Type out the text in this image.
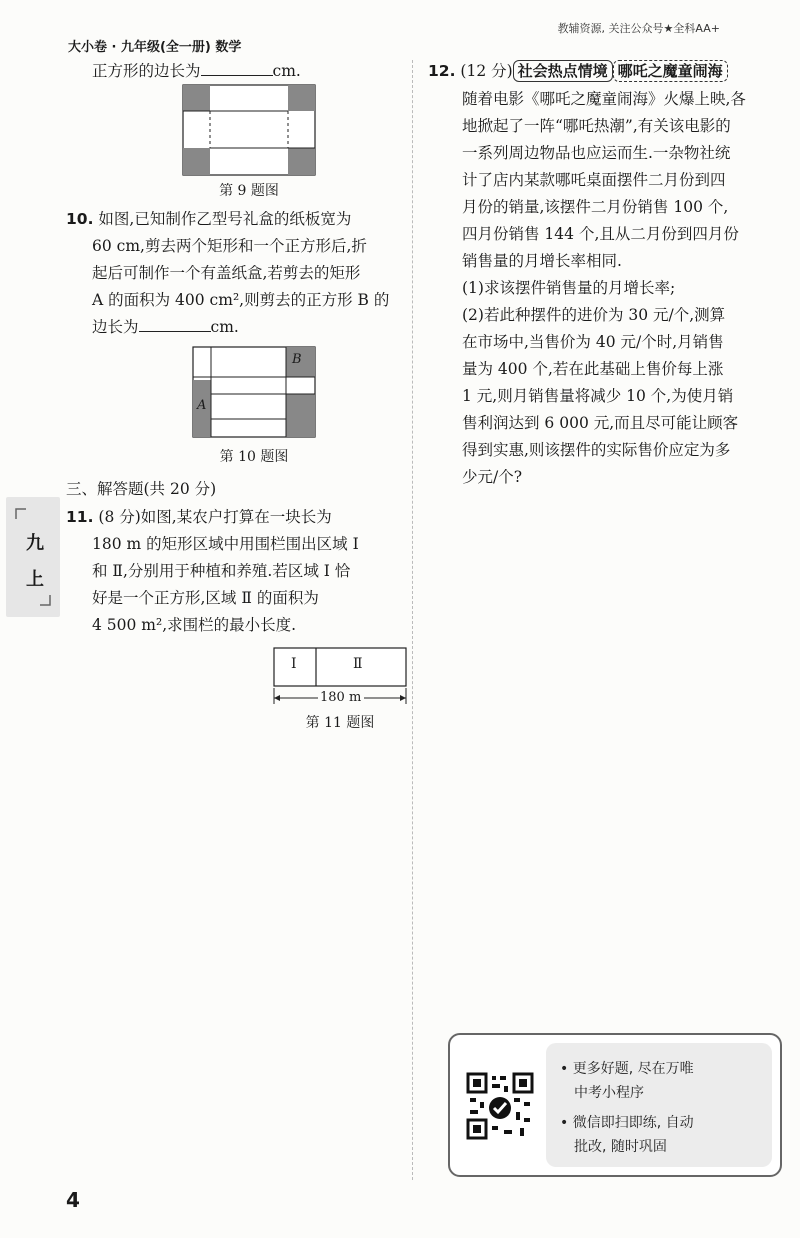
大小卷 · 九年级(全一册) 数学
教辅资源, 关注公众号★全科AA+
九
上
正方形的边长为	cm.
第 9 题图
10. 如图,已知制作乙型号礼盒的纸板宽为
60 cm,剪去两个矩形和一个正方形后,折
起后可制作一个有盖纸盒,若剪去的矩形
A 的面积为 400 cm²,则剪去的正方形 B 的
边长为	cm.
B
A
第 10 题图
三、解答题(共 20 分)
11. (8 分)如图,某农户打算在一块长为
180 m 的矩形区域中用围栏围出区域 Ⅰ
和 Ⅱ,分别用于种植和养殖.若区域 Ⅰ 恰
好是一个正方形,区域 Ⅱ 的面积为
4 500 m²,求围栏的最小长度.
Ⅰ	Ⅱ
180 m
第 11 题图
12. (12 分) 社会热点情境 哪吒之魔童闹海
随着电影《哪吒之魔童闹海》火爆上映,各
地掀起了一阵“哪吒热潮”,有关该电影的
一系列周边物品也应运而生.一杂物社统
计了店内某款哪吒桌面摆件二月份到四
月份的销量,该摆件二月份销售 100 个,
四月份销售 144 个,且从二月份到四月份
销售量的月增长率相同.
(1)求该摆件销售量的月增长率;
(2)若此种摆件的进价为 30 元/个,测算
在市场中,当售价为 40 元/个时,月销售
量为 400 个,若在此基础上售价每上涨
1 元,则月销售量将减少 10 个,为使月销
售利润达到 6 000 元,而且尽可能让顾客
得到实惠,则该摆件的实际售价应定为多
少元/个?
• 更多好题, 尽在万唯
中考小程序
• 微信即扫即练, 自动
批改, 随时巩固
4
